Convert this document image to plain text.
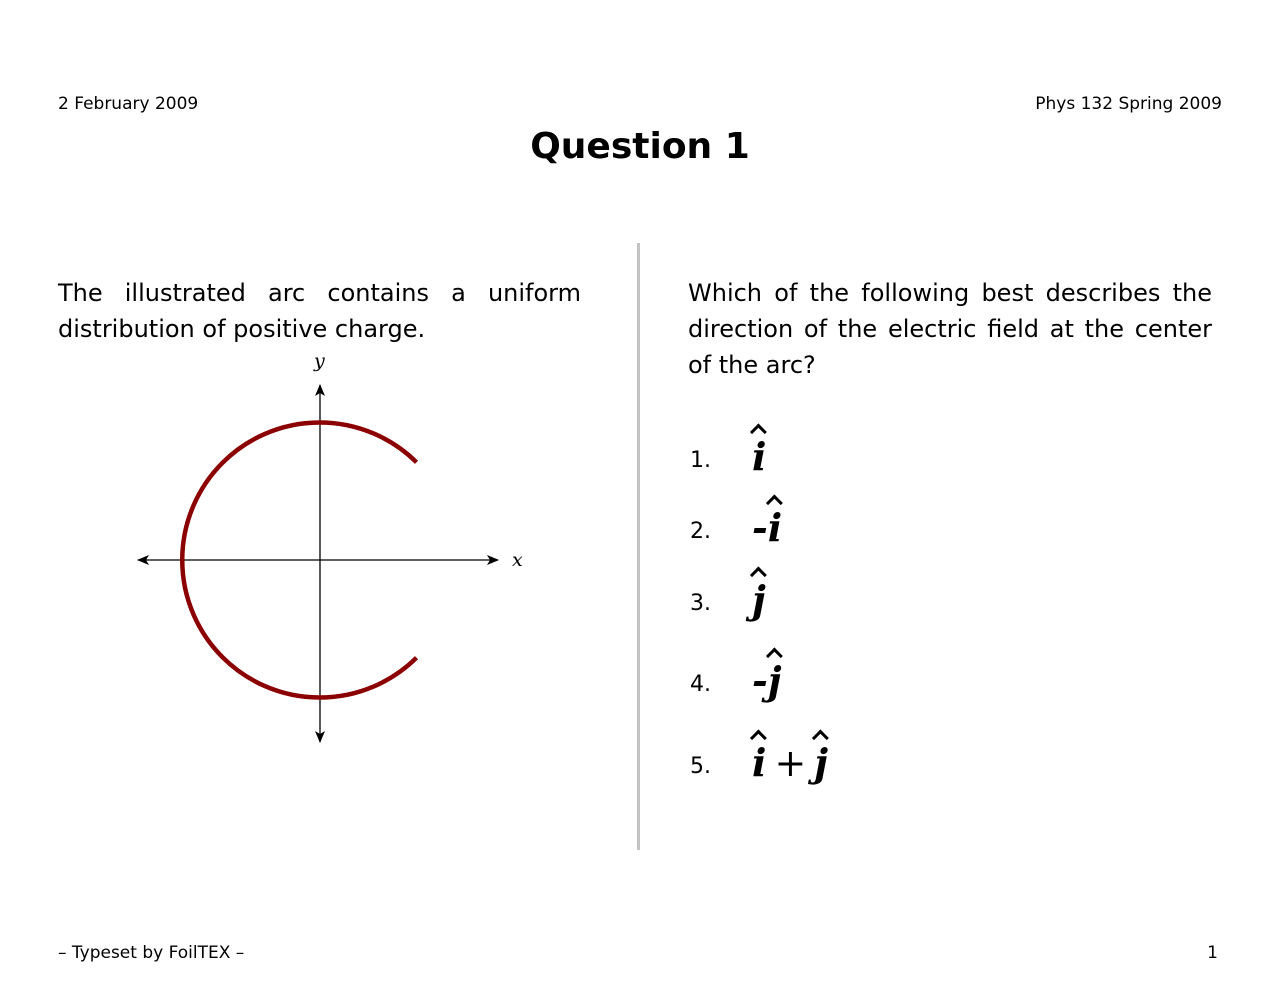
2 February 2009	Phys 132 Spring 2009
Question 1
The illustrated arc contains a uniform distribution of positive charge.
x
y
Which of the following best describes the direction of the electric field at the center of the arc?
1. i
2. -i
3. j
4. -j
5. i + j
– Typeset by FoilTEX –	1
